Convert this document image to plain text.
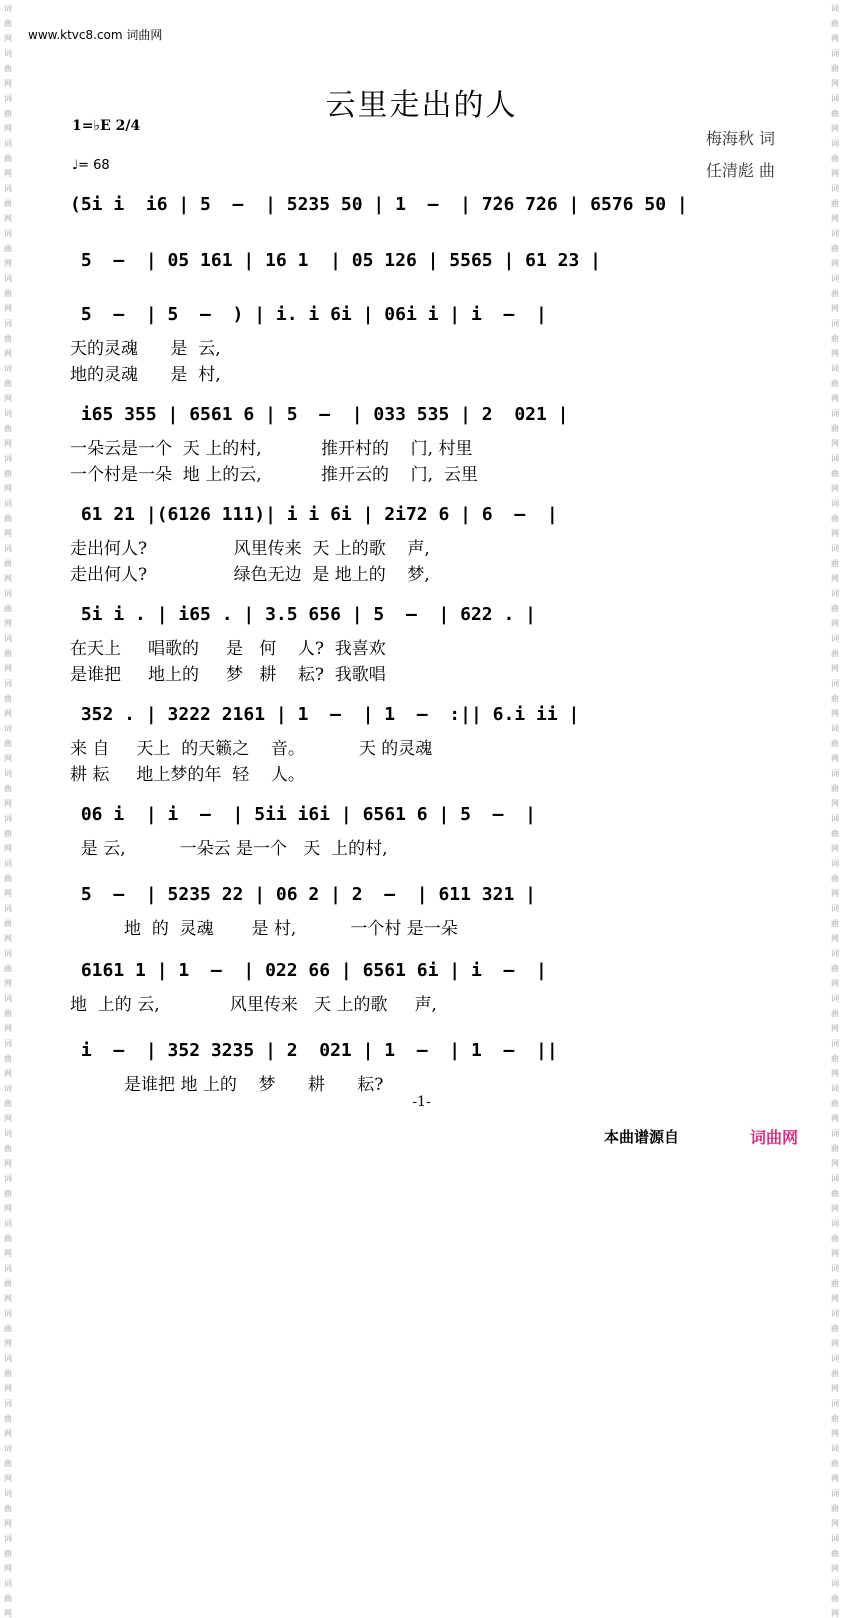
词
曲
网
词
曲
网
词
曲
网
词
曲
网
词
曲
网
词
曲
网
词
曲
网
词
曲
网
词
曲
网
词
曲
网
词
曲
网
词
曲
网
词
曲
网
词
曲
网
词
曲
网
词
曲
网
词
曲
网
词
曲
网
词
曲
网
词
曲
网
词
曲
网
词
曲
网
词
曲
网
词
曲
网
词
曲
网
词
曲
网
词
曲
网
词
曲
网
词
曲
网
词
曲
网
词
曲
网
词
曲
网
词
曲
网
词
曲
网
词
曲
网
词
曲
网
词
曲
网
词
曲
网
词
曲
网
词
曲
网
词
曲
网
词
曲
网
词
曲
网
词
曲
网
词
曲
网
词
曲
网
词
曲
网
词
曲
网
词
曲
网
词
曲
网
词
曲
网
词
曲
网
词
曲
网
词
曲
网
词
曲
网
词
曲
网
词
曲
网
词
曲
网
词
曲
网
词
曲
网
词
曲
网
词
曲
网
词
曲
网
词
曲
网
词
曲
网
词
曲
网
词
曲
网
词
曲
网
词
曲
网
词
曲
网
词
曲
网
词
曲
网
www.ktvc8.com 词曲网
云里走出的人
1=♭E 2/4
♩= 68
梅海秋 词
任清彪 曲
(5i i  i6 | 5  –  | 5235 50 | 1  –  | 7̇26 7̇26 | 6576 50 |
5  –  | 05 161 | 16 1  | 05 126 | 5565 | 61 23 |
5  –  | 5  –  ) | i. i 6i | 06i i | i  –  |
天的灵魂      是  云,
地的灵魂      是  村,
i65 355 | 6561 6 | 5  –  | 033 535 | 2  021 |
一朵云是一个  天 上的村,           推开村的    门, 村里
一个村是一朵  地 上的云,           推开云的    门,  云里
61 21 |(6126 111)| i i 6i | 2i72 6 | 6  –  |
走出何人?                风里传来  天 上的歌    声,
走出何人?                绿色无边  是 地上的    梦,
5i i . | i65 . | 3.5 656 | 5  –  | 622 . |
在天上     唱歌的     是   何    人?  我喜欢
是谁把     地上的     梦   耕    耘?  我歌唱
352 . | 3222 2161 | 1  –  | 1  –  :|| 6.i ii |
来 自     天上  的天籁之    音。          天 的灵魂
耕 耘     地上梦的年  轻    人。
06 i  | i  –  | 5ii i6i | 6561 6 | 5  –  |
是 云,          一朵云 是一个   天  上的村,
5  –  | 5235 22 | 06 2 | 2  –  | 611 321 |
地  的  灵魂       是 村,          一个村 是一朵
6161 1 | 1  –  | 022 66 | 6561 6i | i  –  |
地  上的 云,             风里传来   天 上的歌     声,
i  –  | 352 3235 | 2  021 | 1  –  | 1  –  ||
是谁把 地 上的    梦      耕      耘?
-1-
本曲谱源自	词曲网
